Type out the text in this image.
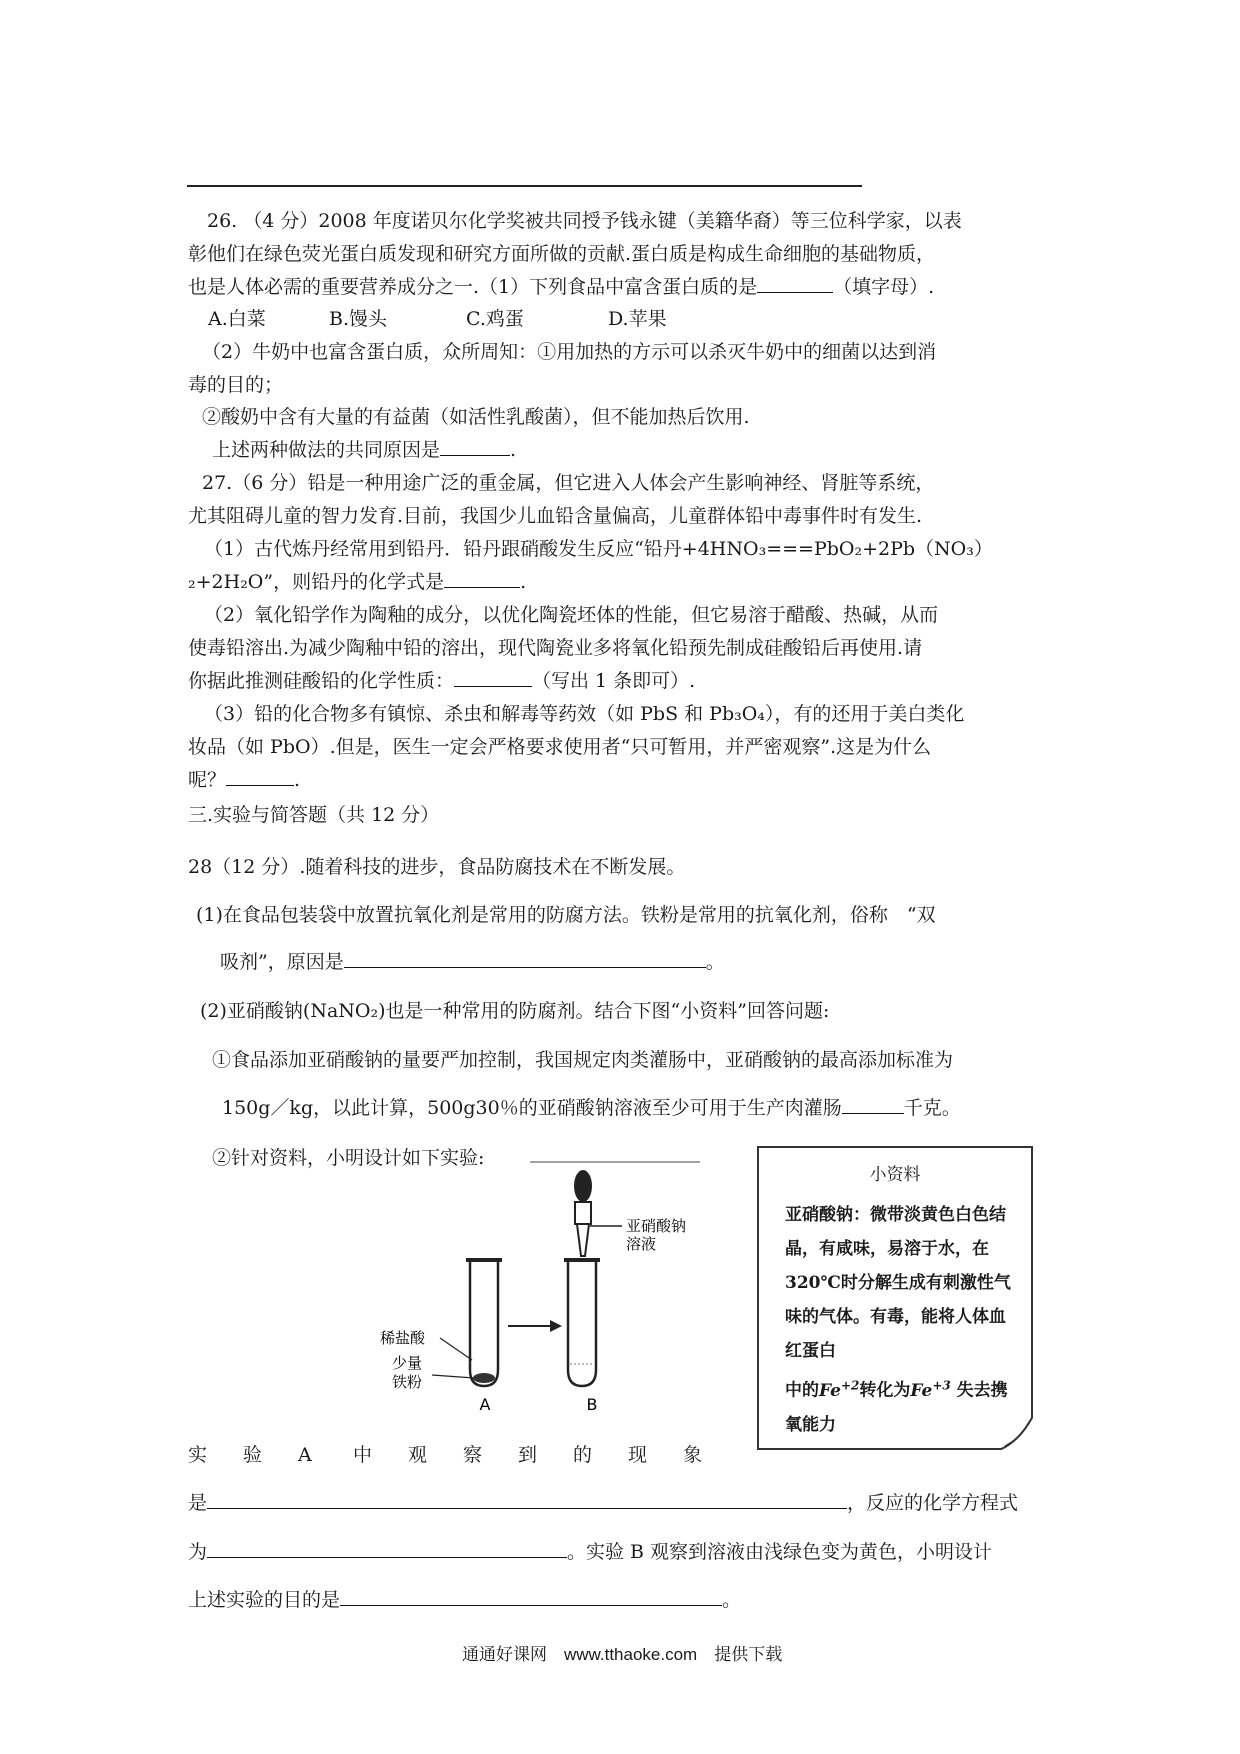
26. （4 分）2008 年度诺贝尔化学奖被共同授予钱永键（美籍华裔）等三位科学家，以表
彰他们在绿色荧光蛋白质发现和研究方面所做的贡献.蛋白质是构成生命细胞的基础物质，
也是人体必需的重要营养成分之一.（1）下列食品中富含蛋白质的是	（填字母）.
A.白菜	B.馒头	C.鸡蛋	D.苹果
（2）牛奶中也富含蛋白质，众所周知：①用加热的方示可以杀灭牛奶中的细菌以达到消
毒的目的；
②酸奶中含有大量的有益菌（如活性乳酸菌），但不能加热后饮用.
上述两种做法的共同原因是	.
27.（6 分）铅是一种用途广泛的重金属，但它进入人体会产生影响神经、肾脏等系统，
尤其阻碍儿童的智力发育.目前，我国少儿血铅含量偏高，儿童群体铅中毒事件时有发生.
（1）古代炼丹经常用到铅丹．铅丹跟硝酸发生反应“铅丹+4HNO₃===PbO₂+2Pb（NO₃）
₂+2H₂O”，则铅丹的化学式是	.
（2）氧化铅学作为陶釉的成分，以优化陶瓷坯体的性能，但它易溶于醋酸、热碱，从而
使毒铅溶出.为减少陶釉中铅的溶出，现代陶瓷业多将氧化铅预先制成硅酸铅后再使用.请
你据此推测硅酸铅的化学性质：	（写出 1 条即可）.
（3）铅的化合物多有镇惊、杀虫和解毒等药效（如 PbS 和 Pb₃O₄），有的还用于美白类化
妆品（如 PbO）.但是，医生一定会严格要求使用者“只可暂用，并严密观察”.这是为什么
呢？	.
三.实验与简答题（共 12 分）
28（12 分）.随着科技的进步，食品防腐技术在不断发展。
(1)在食品包装袋中放置抗氧化剂是常用的防腐方法。铁粉是常用的抗氧化剂，俗称　“双
吸剂”，原因是	。
(2)亚硝酸钠(NaNO₂)也是一种常用的防腐剂。结合下图“小资料”回答问题:
①食品添加亚硝酸钠的量要严加控制，我国规定肉类灌肠中，亚硝酸钠的最高添加标准为
150g／kg，以此计算，500g30％的亚硝酸钠溶液至少可用于生产肉灌肠	千克。
②针对资料，小明设计如下实验:
亚硝酸钠
溶液
稀盐酸
少量
铁粉
A	B
小资料
亚硝酸钠：微带淡黄色白色结晶，有咸味，易溶于水，在320℃时分解生成有刺激性气味的气体。有毒，能将人体血红蛋白
中的$Fe^{+2}$转化为$Fe^{+3}$ 失去携
氧能力
实 验 A 中 观 察 到 的 现 象
是	，反应的化学方程式
为	。实验 B 观察到溶液由浅绿色变为黄色，小明设计
上述实验的目的是	。
通通好课网　www.tthaoke.com　提供下载
